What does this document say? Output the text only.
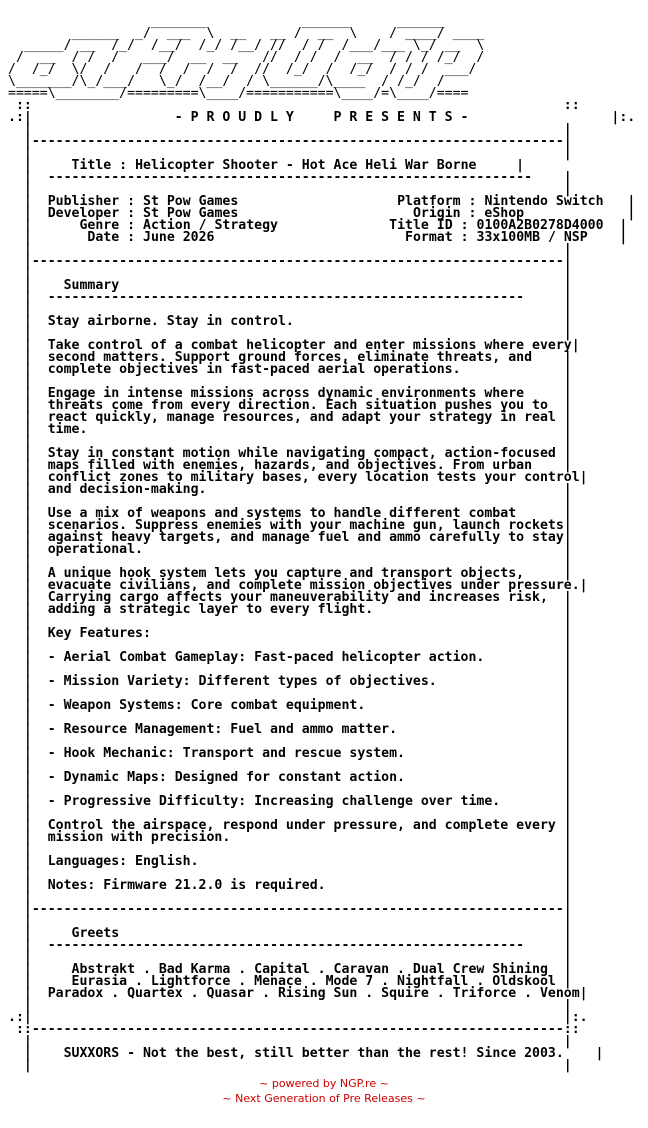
_______            ______      ______
______  _/  ___  \  __   __ /  __  \    / ____/ ____
_____/ __  /_/  /__/  /_/ /__/ //  / /  /___/___ \_/ __  \
/  __  / /  /   ___/  __  __   //  / /  /  __  / / / /_/  /
/  /_/  \/  /   /  /  /  /  /  //  /_/  /  /_/  / / /  ___/
\_______/\_/___/   \_/  /__/  / \______/\____  / /_/  /
=====\________/=========\____/===========\____/=\____/====
::                                                                   ::
.:|	- P R O U D L Y     P R E S E N T S -	|:.
|                                                                   |
|-------------------------------------------------------------------|
|                                                                   |
|	Title : Helicopter Shooter - Hot Ace Heli War Borne	|
|  -------------------------------------------------------------    |
|                                                                   |
|  Publisher : St Pow Games	Platform : Nintendo Switch   |
|  Developer : St Pow Games	Origin : eShop	|
|	Genre : Action / Strategy	Title ID : 0100A2B0278D4000  |
|	Date : June 2026	Format : 33x100MB / NSP    |
|                                                                   |
|-------------------------------------------------------------------|
|                                                                   |
|    Summary	|
|  ------------------------------------------------------------     |
|                                                                   |
|  Stay airborne. Stay in control.                                  |
|                                                                   |
|  Take control of a combat helicopter and enter missions where every|
|  second matters. Support ground forces, eliminate threats, and    |
|  complete objectives in fast-paced aerial operations.             |
|                                                                   |
|  Engage in intense missions across dynamic environments where     |
|  threats come from every direction. Each situation pushes you to  |
|  react quickly, manage resources, and adapt your strategy in real |
|  time.                                                            |
|                                                                   |
|  Stay in constant motion while navigating compact, action-focused |
|  maps filled with enemies, hazards, and objectives. From urban    |
|  conflict zones to military bases, every location tests your control|
|  and decision-making.                                             |
|                                                                   |
|  Use a mix of weapons and systems to handle different combat      |
|  scenarios. Suppress enemies with your machine gun, launch rockets|
|  against heavy targets, and manage fuel and ammo carefully to stay|
|  operational.                                                     |
|                                                                   |
|  A unique hook system lets you capture and transport objects,     |
|  evacuate civilians, and complete mission objectives under pressure.|
|  Carrying cargo affects your maneuverability and increases risk,  |
|  adding a strategic layer to every flight.                        |
|                                                                   |
|  Key Features:                                                    |
|                                                                   |
|  - Aerial Combat Gameplay: Fast-paced helicopter action.          |
|                                                                   |
|  - Mission Variety: Different types of objectives.                |
|                                                                   |
|  - Weapon Systems: Core combat equipment.                         |
|                                                                   |
|  - Resource Management: Fuel and ammo matter.                     |
|                                                                   |
|  - Hook Mechanic: Transport and rescue system.                    |
|                                                                   |
|  - Dynamic Maps: Designed for constant action.                    |
|                                                                   |
|  - Progressive Difficulty: Increasing challenge over time.        |
|                                                                   |
|  Control the airspace, respond under pressure, and complete every |
|  mission with precision.                                          |
|                                                                   |
|  Languages: English.                                              |
|                                                                   |
|  Notes: Firmware 21.2.0 is required.                              |
|                                                                   |
|-------------------------------------------------------------------|
|                                                                   |
|	Greets	|
|  ------------------------------------------------------------     |
|                                                                   |
|     Abstrakt . Bad Karma . Capital . Caravan . Dual Crew Shining  |
|     Eurasia . Lightforce . Menace . Mode 7 . Nightfall . Oldskool |
|  Paradox . Quartex . Quasar . Rising Sun . Squire . Triforce . Venom|
|                                                                   |
.:|                                                                   |:.
::-------------------------------------------------------------------::
|                                                                   |
|    SUXXORS - Not the best, still better than the rest! Since 2003.    |
|                                                                   |
~ powered by NGP.re ~
~ Next Generation of Pre Releases ~
